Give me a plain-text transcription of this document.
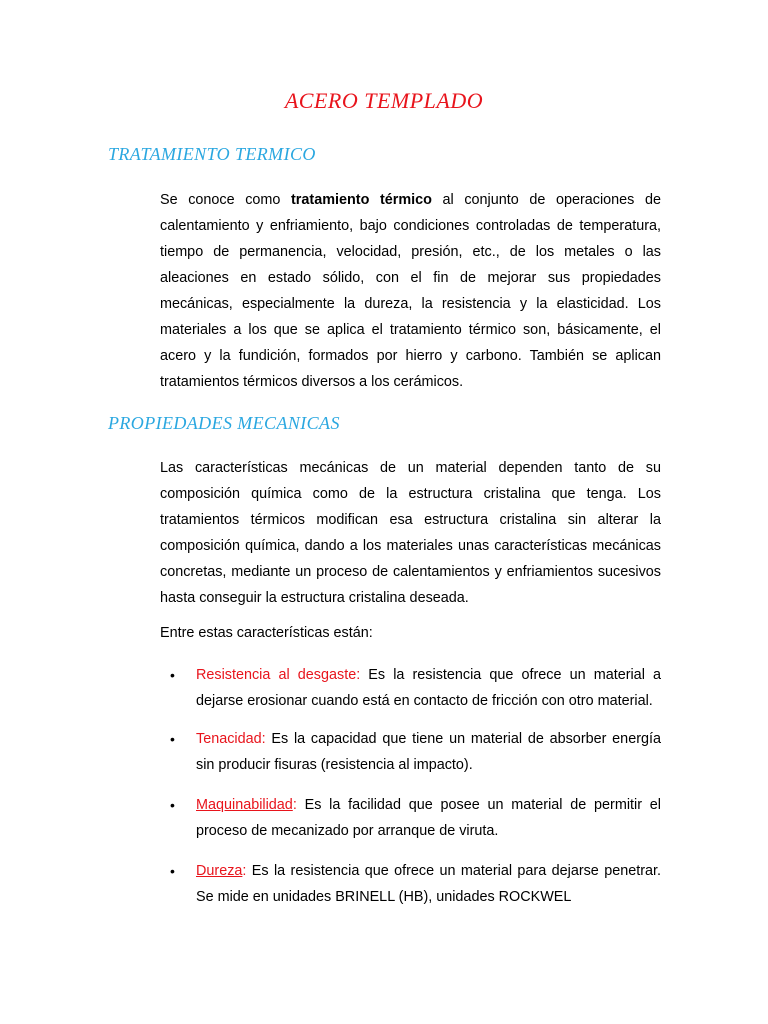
ACERO TEMPLADO
TRATAMIENTO TERMICO

Se conoce como tratamiento térmico al conjunto de operaciones de calentamiento y enfriamiento, bajo condiciones controladas de temperatura, tiempo de permanencia, velocidad, presión, etc., de los metales o las aleaciones en estado sólido, con el fin de mejorar sus propiedades mecánicas, especialmente la dureza, la resistencia y la elasticidad. Los materiales a los que se aplica el tratamiento térmico son, básicamente, el acero y la fundición, formados por hierro y carbono. También se aplican tratamientos térmicos diversos a los cerámicos.

PROPIEDADES MECANICAS

Las características mecánicas de un material dependen tanto de su composición química como de la estructura cristalina que tenga. Los tratamientos térmicos modifican esa estructura cristalina sin alterar la composición química, dando a los materiales unas características mecánicas concretas, mediante un proceso de calentamientos y enfriamientos sucesivos hasta conseguir la estructura cristalina deseada.

Entre estas características están:

• Resistencia al desgaste: Es la resistencia que ofrece un material a dejarse erosionar cuando está en contacto de fricción con otro material.
• Tenacidad: Es la capacidad que tiene un material de absorber energía sin producir fisuras (resistencia al impacto).
• Maquinabilidad: Es la facilidad que posee un material de permitir el proceso de mecanizado por arranque de viruta.
• Dureza: Es la resistencia que ofrece un material para dejarse penetrar. Se mide en unidades BRINELL (HB), unidades ROCKWEL
